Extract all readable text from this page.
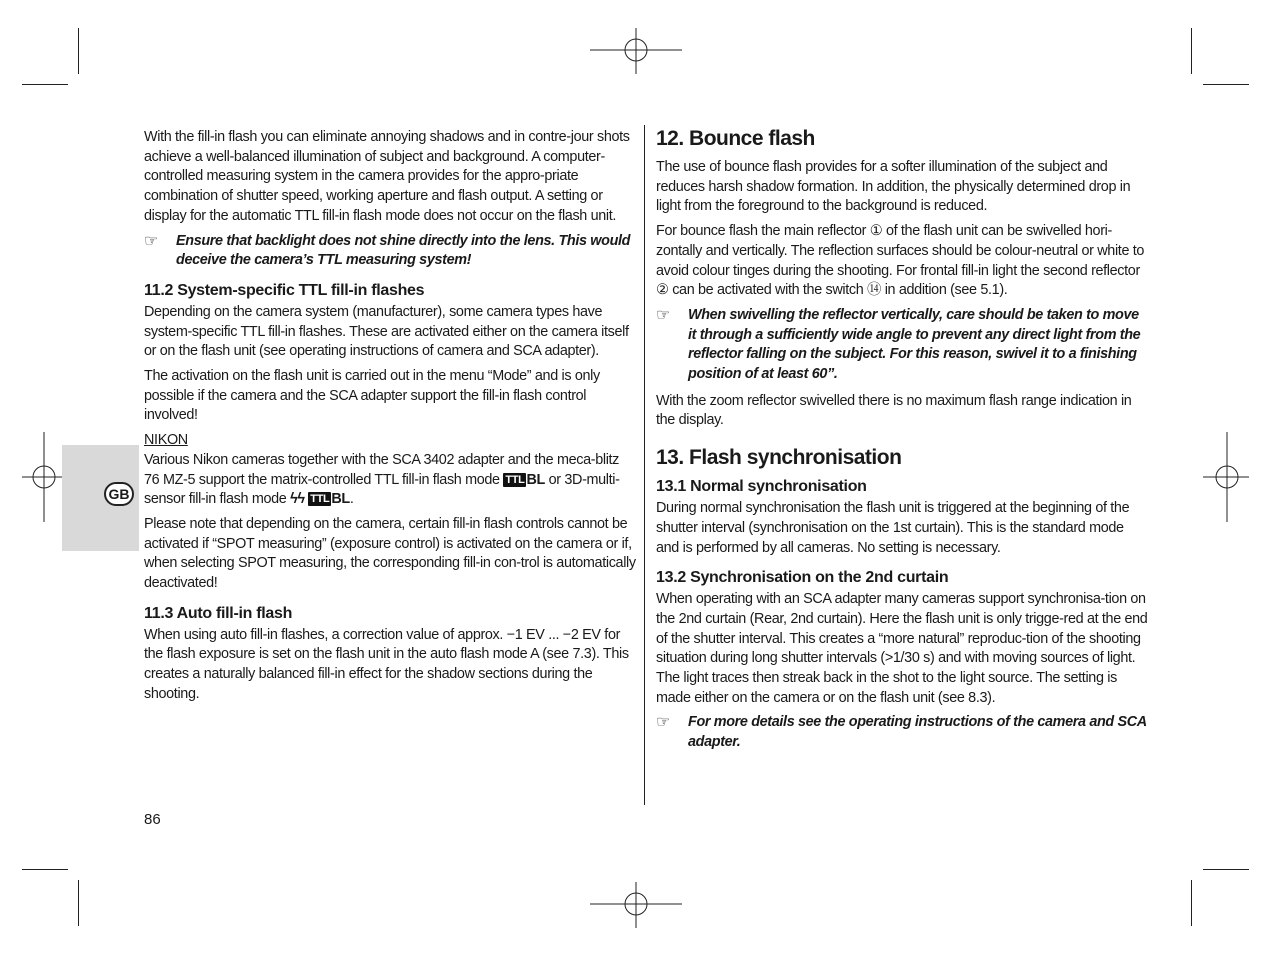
GB

With the fill-in flash you can eliminate annoying shadows and in contre-jour shots achieve a well-balanced illumination of subject and background. A computer-controlled measuring system in the camera provides for the appro-priate combination of shutter speed, working aperture and flash output. A setting or display for the automatic TTL fill-in flash mode does not occur on the flash unit.

☞	Ensure that backlight does not shine directly into the lens. This would deceive the camera’s TTL measuring system!
11.2 System-specific TTL fill-in flashes

Depending on the camera system (manufacturer), some camera types have system-specific TTL fill-in flashes. These are activated either on the camera itself or on the flash unit (see operating instructions of camera and SCA adapter).

The activation on the flash unit is carried out in the menu “Mode” and is only possible if the camera and the SCA adapter support the fill-in flash control involved!

NIKON

Various Nikon cameras together with the SCA 3402 adapter and the meca-blitz 76 MZ-5 support the matrix-controlled TTL fill-in flash mode TTL BL or 3D-multi-sensor fill-in flash mode ϟϟ TTL BL.

Please note that depending on the camera, certain fill-in flash controls cannot be activated if “SPOT measuring” (exposure control) is activated on the camera or if, when selecting SPOT measuring, the corresponding fill-in con-trol is automatically deactivated!

11.3 Auto fill-in flash

When using auto fill-in flashes, a correction value of approx. −1 EV ... −2 EV for the flash exposure is set on the flash unit in the auto flash mode A (see 7.3). This creates a naturally balanced fill-in effect for the shadow sections during the shooting.

12. Bounce flash

The use of bounce flash provides for a softer illumination of the subject and reduces harsh shadow formation. In addition, the physically determined drop in light from the foreground to the background is reduced.

For bounce flash the main reflector ① of the flash unit can be swivelled hori-zontally and vertically. The reflection surfaces should be colour-neutral or white to avoid colour tinges during the shooting. For frontal fill-in light the second reflector ② can be activated with the switch ⑭ in addition (see 5.1).

☞	When swivelling the reflector vertically, care should be taken to move it through a sufficiently wide angle to prevent any direct light from the reflector falling on the subject. For this reason, swivel it to a finishing position of at least 60”.

With the zoom reflector swivelled there is no maximum flash range indication in the display.

13. Flash synchronisation
13.1 Normal synchronisation

During normal synchronisation the flash unit is triggered at the beginning of the shutter interval (synchronisation on the 1st curtain). This is the standard mode and is performed by all cameras. No setting is necessary.

13.2 Synchronisation on the 2nd curtain

When operating with an SCA adapter many cameras support synchronisa-tion on the 2nd curtain (Rear, 2nd curtain). Here the flash unit is only trigge-red at the end of the shutter interval. This creates a “more natural” reproduc-tion of the shooting situation during long shutter intervals (>1/30 s) and with moving sources of light. The light traces then streak back in the shot to the light source. The setting is made either on the camera or on the flash unit (see 8.3).

☞	For more details see the operating instructions of the camera and SCA adapter.
86
